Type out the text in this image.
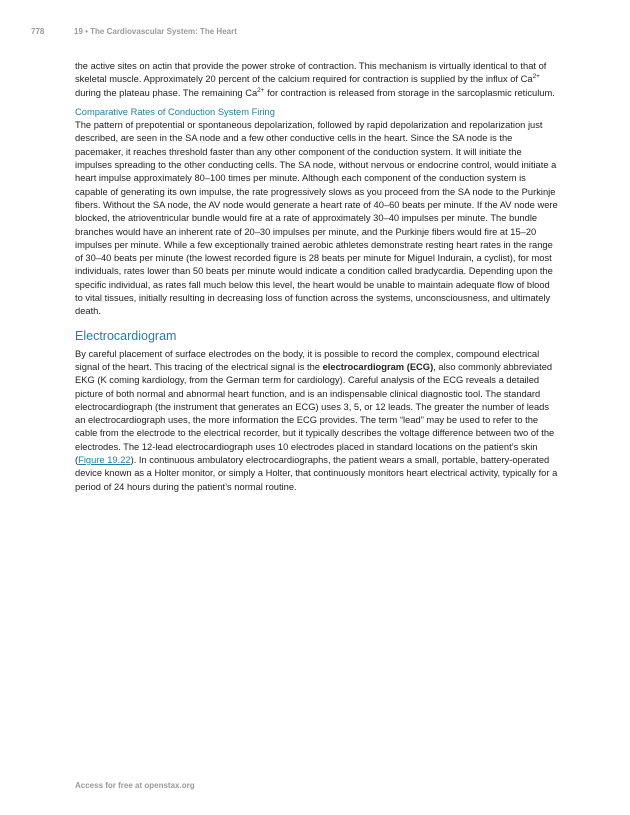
778	19 • The Cardiovascular System: The Heart

the active sites on actin that provide the power stroke of contraction. This mechanism is virtually identical to that of skeletal muscle. Approximately 20 percent of the calcium required for contraction is supplied by the influx of $Ca^{2+}$ during the plateau phase. The remaining $Ca^{2+}$ for contraction is released from storage in the sarcoplasmic reticulum.

Comparative Rates of Conduction System Firing

The pattern of prepotential or spontaneous depolarization, followed by rapid depolarization and repolarization just described, are seen in the SA node and a few other conductive cells in the heart. Since the SA node is the pacemaker, it reaches threshold faster than any other component of the conduction system. It will initiate the impulses spreading to the other conducting cells. The SA node, without nervous or endocrine control, would initiate a heart impulse approximately 80–100 times per minute. Although each component of the conduction system is capable of generating its own impulse, the rate progressively slows as you proceed from the SA node to the Purkinje fibers. Without the SA node, the AV node would generate a heart rate of 40–60 beats per minute. If the AV node were blocked, the atrioventricular bundle would fire at a rate of approximately 30–40 impulses per minute. The bundle branches would have an inherent rate of 20–30 impulses per minute, and the Purkinje fibers would fire at 15–20 impulses per minute. While a few exceptionally trained aerobic athletes demonstrate resting heart rates in the range of 30–40 beats per minute (the lowest recorded figure is 28 beats per minute for Miguel Indurain, a cyclist), for most individuals, rates lower than 50 beats per minute would indicate a condition called bradycardia. Depending upon the specific individual, as rates fall much below this level, the heart would be unable to maintain adequate flow of blood to vital tissues, initially resulting in decreasing loss of function across the systems, unconsciousness, and ultimately death.

Electrocardiogram

By careful placement of surface electrodes on the body, it is possible to record the complex, compound electrical signal of the heart. This tracing of the electrical signal is the electrocardiogram (ECG), also commonly abbreviated EKG (K coming kardiology, from the German term for cardiology). Careful analysis of the ECG reveals a detailed picture of both normal and abnormal heart function, and is an indispensable clinical diagnostic tool. The standard electrocardiograph (the instrument that generates an ECG) uses 3, 5, or 12 leads. The greater the number of leads an electrocardiograph uses, the more information the ECG provides. The term “lead” may be used to refer to the cable from the electrode to the electrical recorder, but it typically describes the voltage difference between two of the electrodes. The 12-lead electrocardiograph uses 10 electrodes placed in standard locations on the patient’s skin (Figure 19.22). In continuous ambulatory electrocardiographs, the patient wears a small, portable, battery-operated device known as a Holter monitor, or simply a Holter, that continuously monitors heart electrical activity, typically for a period of 24 hours during the patient’s normal routine.

Access for free at openstax.org
